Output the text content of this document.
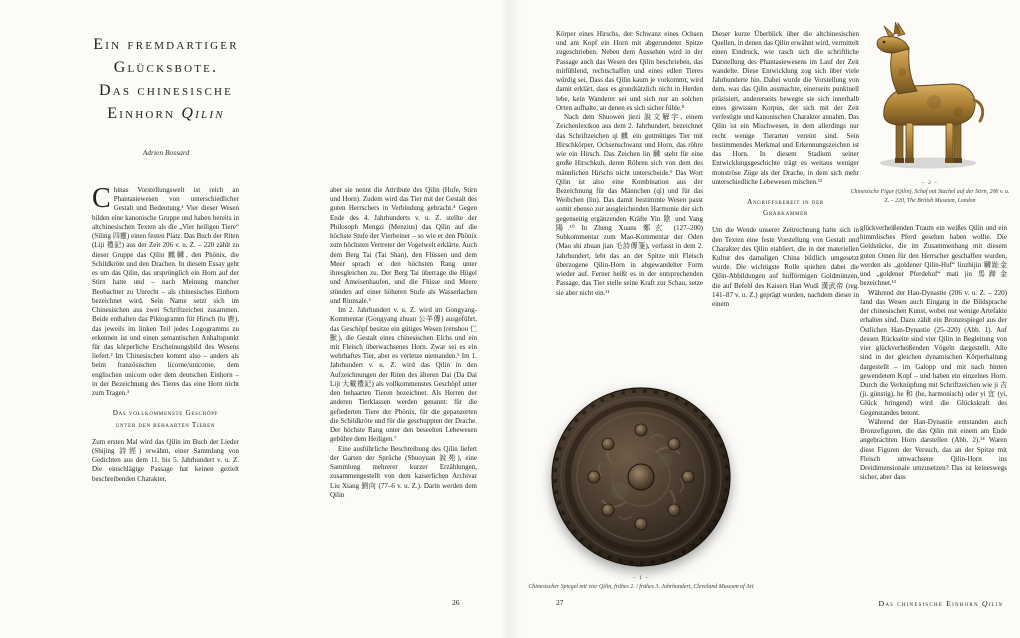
Ein fremdartiger
Glücksbote.
Das chinesische
Einhorn Qilin
Adrien Bossard

Chinas Vorstellungswelt ist reich an Phantasiewesen von unterschiedlicher Gestalt und Bedeutung.¹ Vier dieser Wesen bilden eine kanonische Gruppe und haben bereits in altchinesischen Texten als die „Vier heiligen Tiere“ (Siling 四靈) einen festen Platz. Das Buch der Riten (Liji 禮記) aus der Zeit 206 v. u. Z. – 220 zählt zu dieser Gruppe das Qilin 麒麟, den Phönix, die Schildkröte und den Drachen. In diesem Essay geht es um das Qilin, das ursprünglich ein Horn auf der Stirn hatte und – nach Meinung mancher Beobachter zu Unrecht – als chinesisches Einhorn bezeichnet wird. Sein Name setzt sich im Chinesischen aus zwei Schriftzeichen zusammen. Beide enthalten das Piktogramm für Hirsch (lu 鹿), das jeweils im linken Teil jedes Logogramms zu erkennen ist und einen semantischen Anhaltspunkt für das körperliche Erscheinungsbild des Wesens liefert.² Im Chinesischen kommt also – anders als beim französischen licorne/unicorne, dem englischen unicorn oder dem deutschen Einhorn – in der Bezeichnung des Tieres das eine Horn nicht zum Tragen.³

Das vollkommenste Geschöpf
unter den behaarten Tieren

Zum ersten Mal wird das Qilin im Buch der Lieder (Shijing 詩經) erwähnt, einer Sammlung von Gedichten aus dem 11. bis 5. Jahrhundert v. u. Z. Die einschlägige Passage hat keinen gezielt beschreibenden Charakter,

aber sie nennt die Attribute des Qilin (Hufe, Stirn und Horn). Zudem wird das Tier mit der Gestalt des guten Herrschers in Verbindung gebracht.⁴ Gegen Ende des 4. Jahrhunderts v. u. Z. stellte der Philosoph Mengzi (Menzius) das Qilin auf die höchste Stufe der Vierbeiner – so wie er den Phönix zum höchsten Vertreter der Vogelwelt erklärte. Auch dem Berg Tai (Tai Shan), den Flüssen und dem Meer sprach er den höchsten Rang unter ihresgleichen zu. Der Berg Tai überrage die Hügel und Ameisenhaufen, und die Flüsse und Meere stünden auf einer höheren Stufe als Wasserlachen und Rinnsale.⁵

Im 2. Jahrhundert v. u. Z. wird im Gongyang-Kommentar (Gongyang zhuan 公羊傳) ausgeführt, das Geschöpf besitze ein gütiges Wesen (renshou 仁獸), die Gestalt eines chinesischen Elchs und ein mit Fleisch überwachsenes Horn. Zwar sei es ein wehrhaftes Tier, aber es verletze niemanden.⁶ Im 1. Jahrhundert v. u. Z. wird das Qilin in den Aufzeichnungen der Riten des älteren Dai (Da Dai Liji 大戴禮記) als vollkommenstes Geschöpf unter den behaarten Tieren bezeichnet. Als Herren der anderen Tierklassen werden genannt: für die gefiederten Tiere der Phönix, für die gepanzerten die Schildkröte und für die geschuppten der Drache. Der höchste Rang unter den beseelten Lebewesen gebühre dem Heiligen.⁷

Eine ausführliche Beschreibung des Qilin liefert der Garten der Sprüche (Shuoyuan 說苑), eine Sammlung mehrerer kurzer Erzählungen, zusammengestellt von dem kaiserlichen Archivar Liu Xiang 劉向 (77–6 v. u. Z.). Darin werden dem Qilin

Körper eines Hirschs, der Schwanz eines Ochsen und am Kopf ein Horn mit abgerundeter Spitze zugeschrieben. Neben dem Aussehen wird in der Passage auch das Wesen des Qilin beschrieben, das mitfühlend, rechtschaffen und eines edlen Tieres würdig sei. Dass das Qilin kaum je vorkommt, wird damit erklärt, dass es grundsätzlich nicht in Herden lebe, kein Wanderer sei und sich nur an solchen Orten aufhalte, an denen es sich sicher fühle.⁸

Nach dem Shuowen jiezi 說文解字, einem Zeichenlexikon aus dem 2. Jahrhundert, bezeichnet das Schriftzeichen qi 麒 ein gutmütiges Tier mit Hirschkörper, Ochsenschwanz und Horn, das röhre wie ein Hirsch. Das Zeichen lin 麟 steht für eine große Hirschkuh, deren Röhren sich von dem des männlichen Hirschs nicht unterscheide.⁹ Das Wort Qilin ist also eine Kombination aus der Bezeichnung für das Männchen (qi) und für das Weibchen (lin). Das damit bestimmte Wesen passt somit ebenso zur ausgleichenden Harmonie der sich gegenseitig ergänzenden Kräfte Yin 陰 und Yang 陽.¹⁰ In Zheng Xuans 鄭玄 (127–200) Subkommentar zum Mao-Kommentar der Oden (Mao shi zhuan jian 毛詩傳箋), verfasst in dem 2. Jahrhundert, lebt das an der Spitze mit Fleisch überzogene Qilin-Horn in abgewandelter Form wieder auf. Ferner heißt es in der entsprechenden Passage, das Tier stelle seine Kraft zur Schau, setze sie aber nicht ein.¹¹

– 1 –
Chinesischer Spiegel mit vier Qilin, frühes 2. / frühes 3. Jahrhundert, Cleveland Museum of Art

Dieser kurze Überblick über die altchinesischen Quellen, in denen das Qilin erwähnt wird, vermittelt einen Eindruck, wie rasch sich die schriftliche Darstellung des Phantasiewesens im Lauf der Zeit wandelte. Diese Entwicklung zog sich über viele Jahrhunderte hin. Dabei wurde die Vorstellung von dem, was das Qilin ausmachte, einerseits punktuell präzisiert, andererseits bewegte sie sich innerhalb eines gewissen Korpus, der sich mit der Zeit verfestigte und kanonischen Charakter annahm. Das Qilin ist ein Mischwesen, in dem allerdings nur recht wenige Tierarten vereint sind. Sein bestimmendes Merkmal und Erkennungszeichen ist das Horn. In diesem Stadium seiner Entwicklungsgeschichte trägt es weitaus weniger monströse Züge als der Drache, in dem sich mehr unterschiedliche Lebewesen mischen.¹²

Angriffsbereit in der
Grabkammer

Um die Wende unserer Zeitrechnung hatte sich in den Texten eine feste Vorstellung von Gestalt und Charakter des Qilin etabliert, die in der materiellen Kultur des damaligen China bildlich umgesetzt wurde. Die wichtigste Rolle spielten dabei die Qilin-Abbildungen auf hufförmigen Goldmünzen, die auf Befehl des Kaisers Han Wudi 漢武帝 (reg. 141–87 v. u. Z.) geprägt wurden, nachdem dieser in einem

– 2 –
Chinesische Figur (Qilin), Schaf mit Stachel auf der Stirn, 206 v. u. Z. – 220, The British Museum, London

glückverheißenden Traum ein weißes Qilin und ein himmlisches Pferd gesehen haben wollte. Die Geldstücke, die im Zusammenhang mit diesem guten Omen für den Herrscher geschaffen wurden, werden als „goldener Qilin-Huf“ linzhijin 麟趾金 und „goldener Pferdehuf“ mati jin 馬蹄金 bezeichnet.¹³

Während der Han-Dynastie (206 v. u. Z. – 220) fand das Wesen auch Eingang in die Bildsprache der chinesischen Kunst, wobei nur wenige Artefakte erhalten sind. Dazu zählt ein Bronzespiegel aus der Östlichen Han-Dynastie (25–220) (Abb. 1). Auf dessen Rückseite sind vier Qilin in Begleitung von vier glückverheißenden Vögeln dargestellt. Alle sind in der gleichen dynamischen Körperhaltung dargestellt – im Galopp und mit nach hinten gewendetem Kopf – und haben ein einzelnes Horn. Durch die Verknüpfung mit Schriftzeichen wie ji 吉 (ji, günstig), he 和 (he, harmonisch) oder yi 宜 (yi, Glück bringend) wird die Glückskraft des Gegenstandes betont.

Während der Han-Dynastie entstanden auch Bronzefiguren, die das Qilin mit einem am Ende angebrachten Horn darstellen (Abb. 2).¹⁴ Waren diese Figuren der Versuch, das an der Spitze mit Fleisch umwachsene Qilin-Horn ins Dreidimensionale umzusetzen? Das ist keineswegs sicher, aber dass

26	27	Das chinesische Einhorn Qilin
